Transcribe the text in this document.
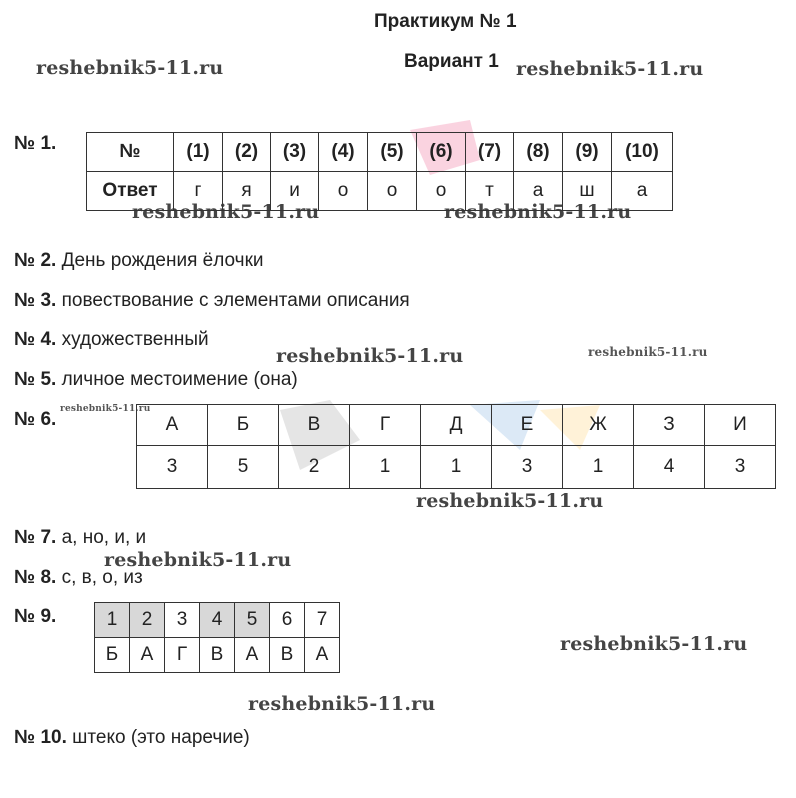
Практикум № 1
Вариант 1
reshebnik5-11.ru	reshebnik5-11.ru
reshebnik5-11.ru	reshebnik5-11.ru
reshebnik5-11.ru	reshebnik5-11.ru
reshebnik5-11.ru
reshebnik5-11.ru
reshebnik5-11.ru
reshebnik5-11.ru
reshebnik5-11.ru
№ 1.	№	(1)	(2)	(3)	(4)	(5)	(6)	(7)	(8)	(9)	(10)
Ответ	г	я	и	о	о	о	т	а	ш	а
№ 2. День рождения ёлочки
№ 3. повествование с элементами описания
№ 4. художественный
№ 5. личное местоимение (она)
№ 6.	А	Б	В	Г	Д	Е	Ж	З	И
3	5	2	1	1	3	1	4	3
№ 7. а, но, и, и
№ 8. с, в, о, из
№ 9.	1	2	3	4	5	6	7
Б	А	Г	В	А	В	А
№ 10. штеко (это наречие)
